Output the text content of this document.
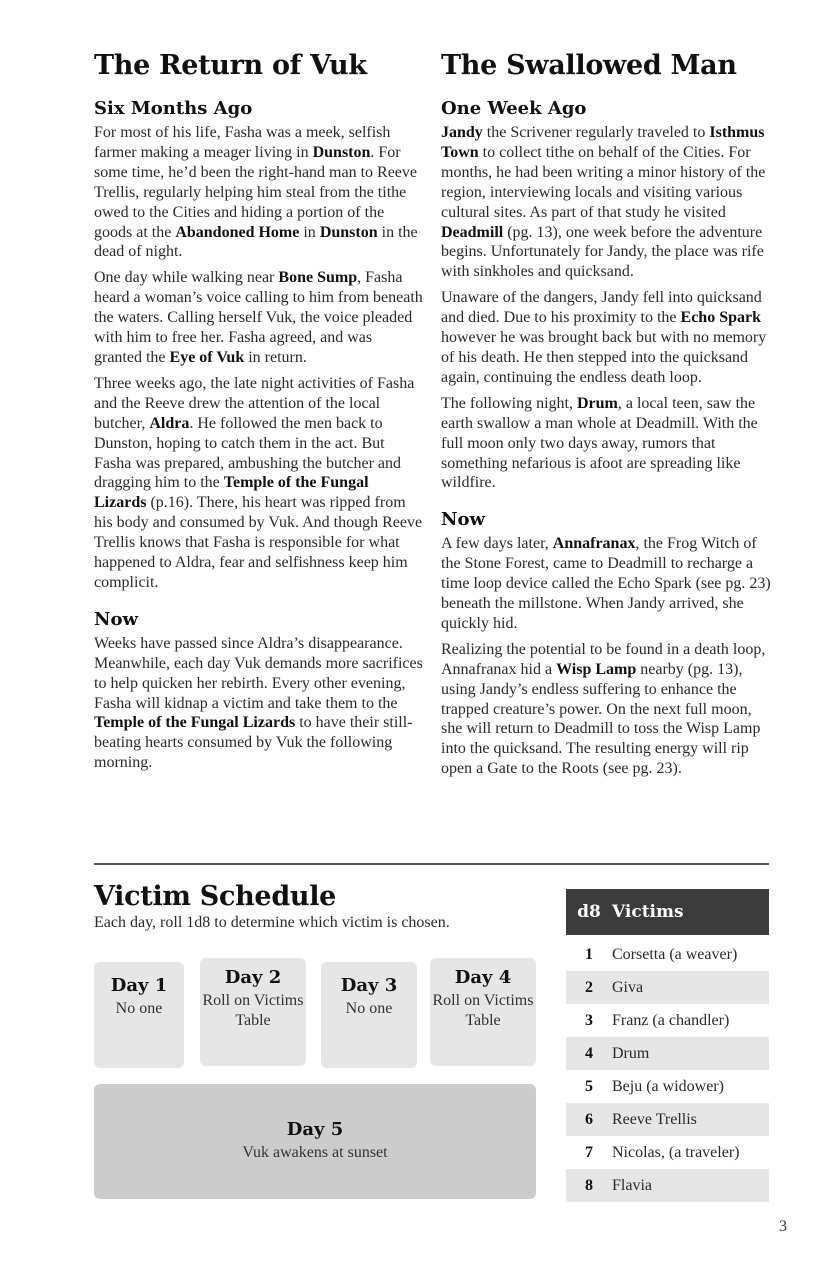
The Return of Vuk
Six Months Ago

For most of his life, Fasha was a meek, selfish farmer making a meager living in Dunston. For some time, he’d been the right-hand man to Reeve Trellis, regularly helping him steal from the tithe owed to the Cities and hiding a portion of the goods at the Abandoned Home in Dunston in the dead of night.

One day while walking near Bone Sump, Fasha heard a woman’s voice calling to him from beneath the waters. Calling herself Vuk, the voice pleaded with him to free her. Fasha agreed, and was granted the Eye of Vuk in return.

Three weeks ago, the late night activities of Fasha and the Reeve drew the attention of the local butcher, Aldra. He followed the men back to Dunston, hoping to catch them in the act. But Fasha was prepared, ambushing the butcher and dragging him to the Temple of the Fungal Lizards (p.16). There, his heart was ripped from his body and consumed by Vuk. And though Reeve Trellis knows that Fasha is responsible for what happened to Aldra, fear and selfishness keep him complicit.

Now

Weeks have passed since Aldra’s disappearance. Meanwhile, each day Vuk demands more sacrifices to help quicken her rebirth. Every other evening, Fasha will kidnap a victim and take them to the Temple of the Fungal Lizards to have their still-beating hearts consumed by Vuk the following morning.

The Swallowed Man
One Week Ago

Jandy the Scrivener regularly traveled to Isthmus Town to collect tithe on behalf of the Cities. For months, he had been writing a minor history of the region, interviewing locals and visiting various cultural sites. As part of that study he visited Deadmill (pg. 13), one week before the adventure begins. Unfortunately for Jandy, the place was rife with sinkholes and quicksand.

Unaware of the dangers, Jandy fell into quicksand and died. Due to his proximity to the Echo Spark however he was brought back but with no memory of his death. He then stepped into the quicksand again, continuing the endless death loop.

The following night, Drum, a local teen, saw the earth swallow a man whole at Deadmill. With the full moon only two days away, rumors that something nefarious is afoot are spreading like wildfire.

Now

A few days later, Annafranax, the Frog Witch of the Stone Forest, came to Deadmill to recharge a time loop device called the Echo Spark (see pg. 23) beneath the millstone. When Jandy arrived, she quickly hid.

Realizing the potential to be found in a death loop, Annafranax hid a Wisp Lamp nearby (pg. 13), using Jandy’s endless suffering to enhance the trapped creature’s power. On the next full moon, she will return to Deadmill to toss the Wisp Lamp into the quicksand. The resulting energy will rip open a Gate to the Roots (see pg. 23).

Victim Schedule
Each day, roll 1d8 to determine which victim is chosen.
Day 1
No one
Day 2
Roll on Victims Table
Day 3
No one
Day 4
Roll on Victims Table
Day 5
Vuk awakens at sunset
d8 Victims
1	Corsetta (a weaver)
2	Giva
3	Franz (a chandler)
4	Drum
5	Beju (a widower)
6	Reeve Trellis
7	Nicolas, (a traveler)
8	Flavia
3
